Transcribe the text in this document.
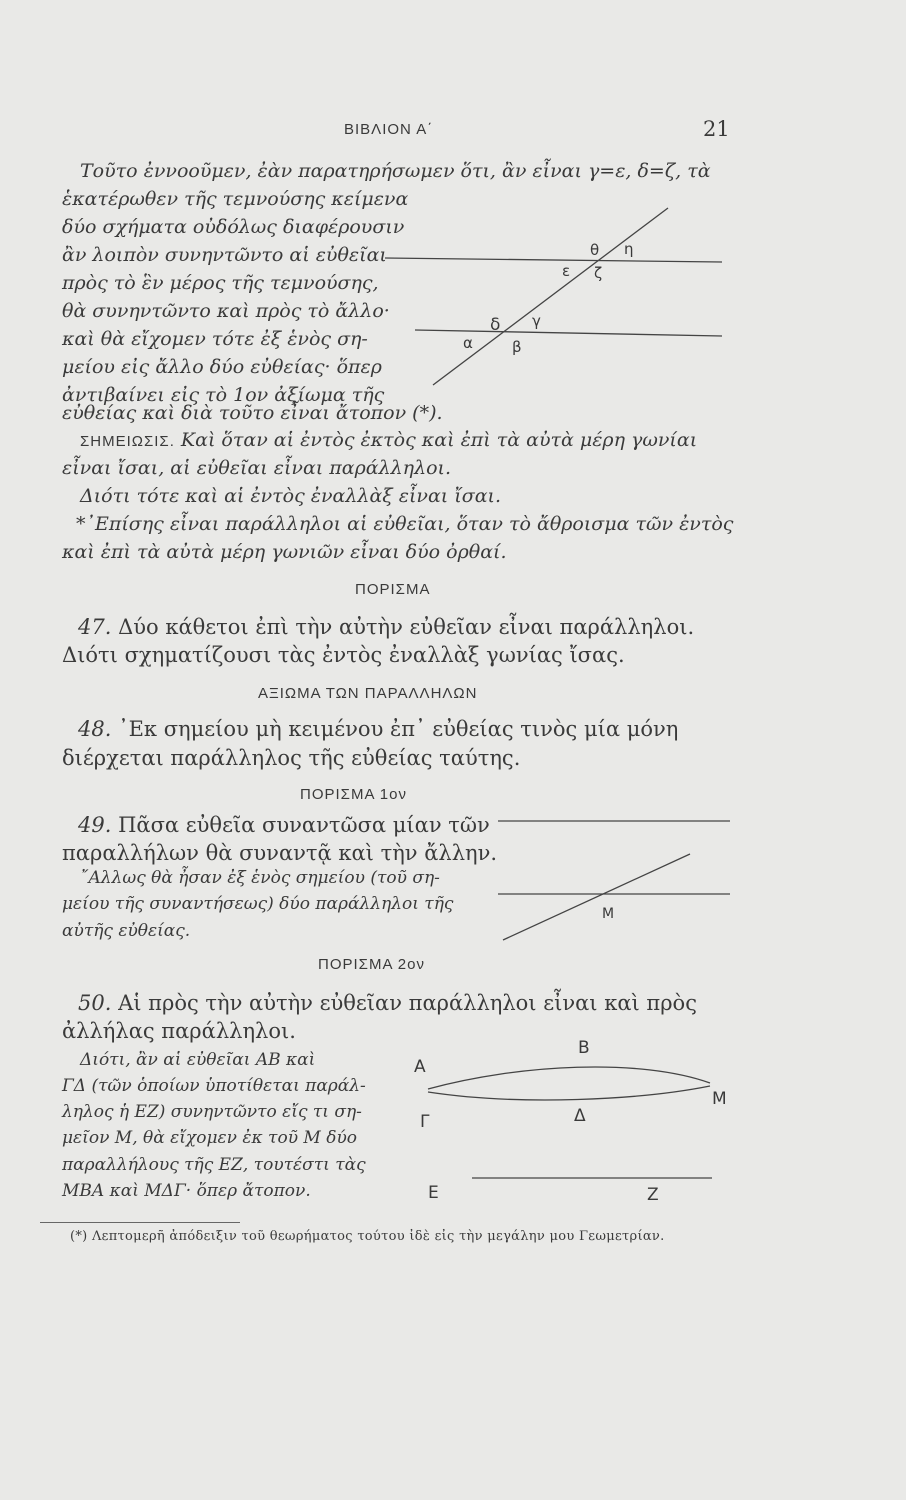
ΒΙΒΛΙΟΝ Α΄	21
Τοῦτο ἐννοοῦμεν, ἐὰν παρατηρήσωμεν ὅτι, ἂν εἶναι γ=ε, δ=ζ, τὰ
ἑκατέρωθεν τῆς τεμνούσης κείμενα
δύο σχήματα οὐδόλως διαφέρουσιν
ἂν λοιπὸν συνηντῶντο αἱ εὐθεῖαι
πρὸς τὸ ἓν μέρος τῆς τεμνούσης,
θὰ συνηντῶντο καὶ πρὸς τὸ ἄλλο·
καὶ θὰ εἴχομεν τότε ἐξ ἑνὸς ση-
μείου εἰς ἄλλο δύο εὐθείας· ὅπερ
ἀντιβαίνει εἰς τὸ 1ον ἀξίωμα τῆς
εὐθείας καὶ διὰ τοῦτο εἶναι ἄτοπον (*).
θ η
ε ζ
δ γ
α	β
ΣΗΜΕΙΩΣΙΣ. Καὶ ὅταν αἱ ἐντὸς ἐκτὸς καὶ ἐπὶ τὰ αὐτὰ μέρη γωνίαι
εἶναι ἴσαι, αἱ εὐθεῖαι εἶναι παράλληλοι.
Διότι τότε καὶ αἱ ἐντὸς ἐναλλὰξ εἶναι ἴσαι.
*᾿Επίσης εἶναι παράλληλοι αἱ εὐθεῖαι, ὅταν τὸ ἄθροισμα τῶν ἐντὸς
καὶ ἐπὶ τὰ αὐτὰ μέρη γωνιῶν εἶναι δύο ὀρθαί.
ΠΟΡΙΣΜΑ
47. Δύο κάθετοι ἐπὶ τὴν αὐτὴν εὐθεῖαν εἶναι παράλληλοι.
Διότι σχηματίζουσι τὰς ἐντὸς ἐναλλὰξ γωνίας ἴσας.
ΑΞΙΩΜΑ ΤΩΝ ΠΑΡΑΛΛΗΛΩΝ
48. ᾿Εκ σημείου μὴ κειμένου ἐπ᾿ εὐθείας τινὸς μία μόνη
διέρχεται παράλληλος τῆς εὐθείας ταύτης.
ΠΟΡΙΣΜΑ 1ον
49. Πᾶσα εὐθεῖα συναντῶσα μίαν τῶν
παραλλήλων θὰ συναντᾷ καὶ τὴν ἄλλην.
῎Αλλως θὰ ἦσαν ἐξ ἑνὸς σημείου (τοῦ ση-
μείου τῆς συναντήσεως) δύο παράλληλοι τῆς
αὐτῆς εὐθείας.
M
ΠΟΡΙΣΜΑ 2ον
50. Αἱ πρὸς τὴν αὐτὴν εὐθεῖαν παράλληλοι εἶναι καὶ πρὸς
ἀλλήλας παράλληλοι.
Διότι, ἂν αἱ εὐθεῖαι ΑΒ καὶ
ΓΔ (τῶν ὁποίων ὑποτίθεται παράλ-
ληλος ἡ ΕΖ) συνηντῶντο εἴς τι ση-
μεῖον Μ, θὰ εἴχομεν ἐκ τοῦ Μ δύο
παραλλήλους τῆς ΕΖ, τουτέστι τὰς
ΜΒΑ καὶ ΜΔΓ· ὅπερ ἄτοπον.
B
A
M
Γ	Δ
E	Z
(*) Λεπτομερῆ ἀπόδειξιν τοῦ θεωρήματος τούτου ἰδὲ εἰς τὴν μεγάλην μου Γεωμετρίαν.
